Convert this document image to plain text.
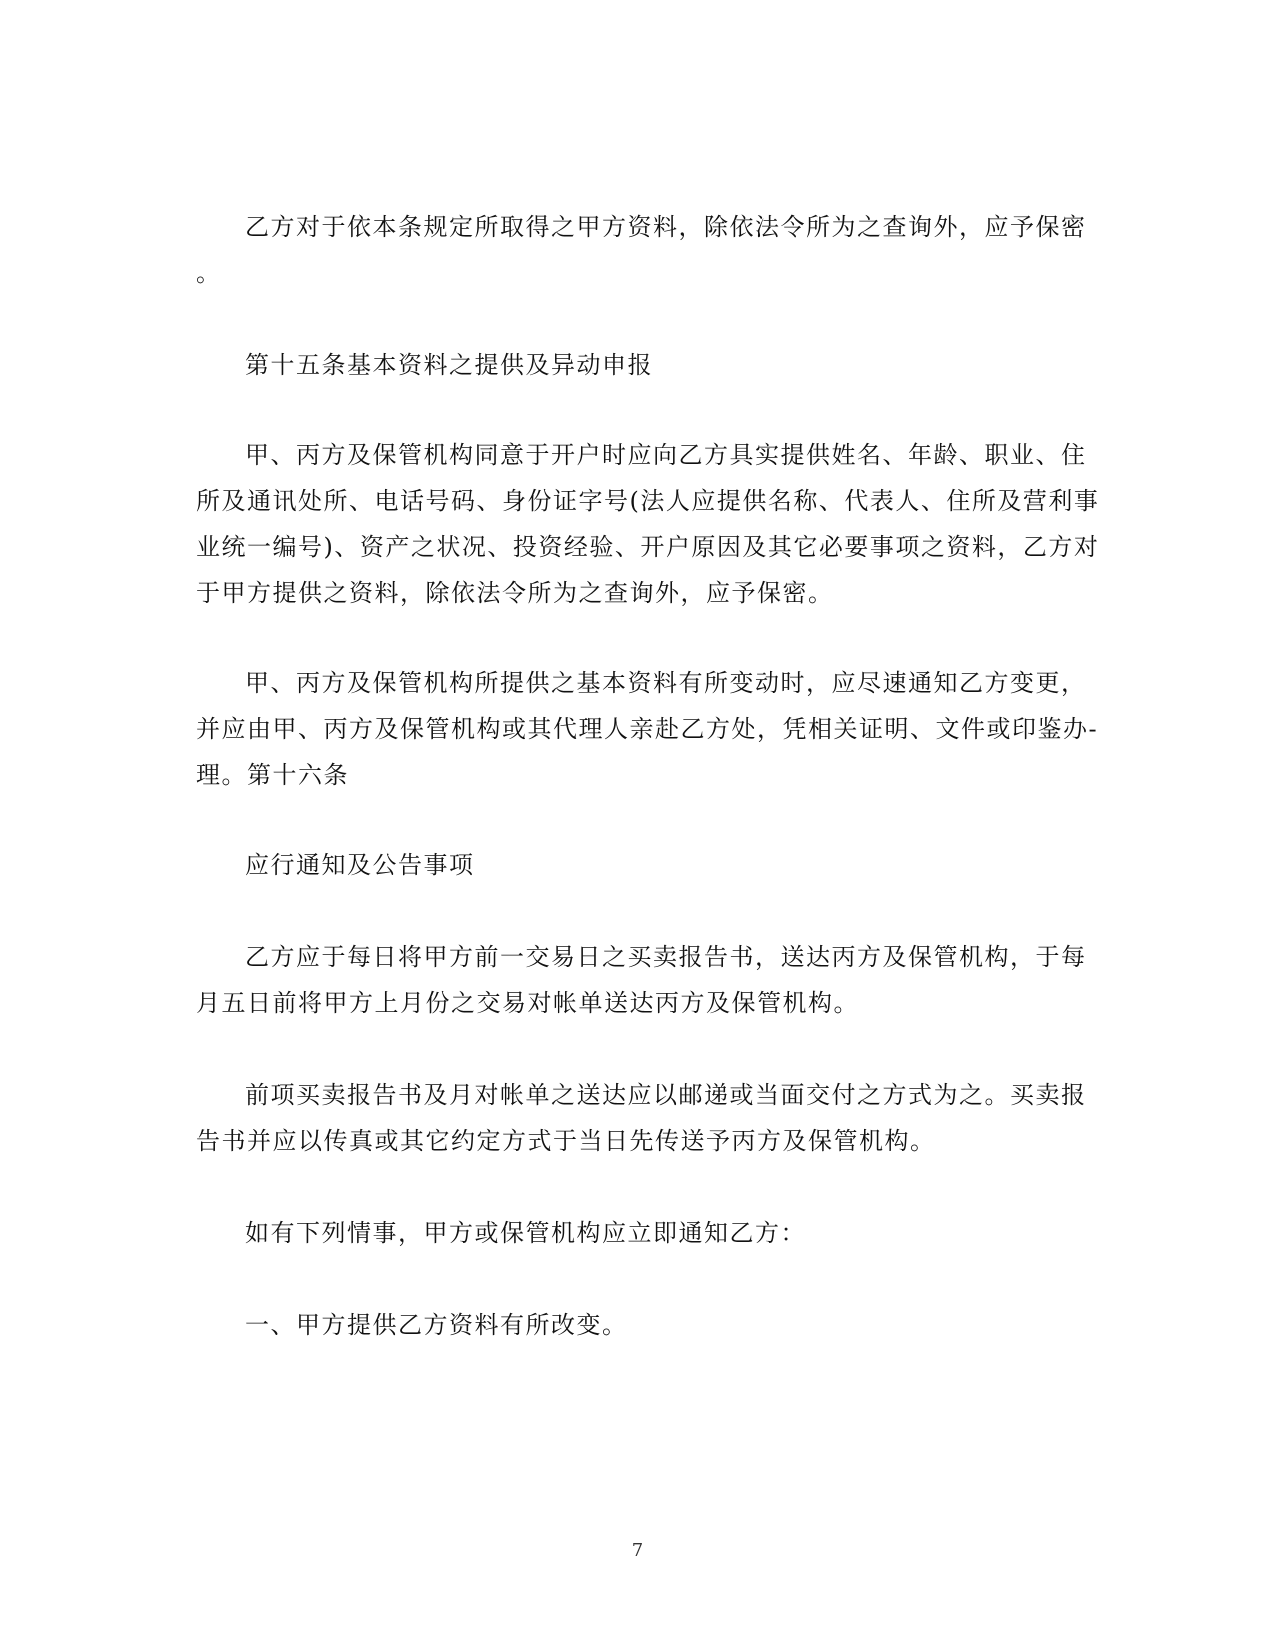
乙方对于依本条规定所取得之甲方资料，除依法令所为之查询外，应予保密
。
第十五条基本资料之提供及异动申报
甲、丙方及保管机构同意于开户时应向乙方具实提供姓名、年龄、职业、住
所及通讯处所、电话号码、身份证字号(法人应提供名称、代表人、住所及营利事
业统一编号)、资产之状况、投资经验、开户原因及其它必要事项之资料，乙方对
于甲方提供之资料，除依法令所为之查询外，应予保密。
甲、丙方及保管机构所提供之基本资料有所变动时，应尽速通知乙方变更，
并应由甲、丙方及保管机构或其代理人亲赴乙方处，凭相关证明、文件或印鉴办-
理。第十六条
应行通知及公告事项
乙方应于每日将甲方前一交易日之买卖报告书，送达丙方及保管机构，于每
月五日前将甲方上月份之交易对帐单送达丙方及保管机构。
前项买卖报告书及月对帐单之送达应以邮递或当面交付之方式为之。买卖报
告书并应以传真或其它约定方式于当日先传送予丙方及保管机构。
如有下列情事，甲方或保管机构应立即通知乙方：
一、甲方提供乙方资料有所改变。
7
